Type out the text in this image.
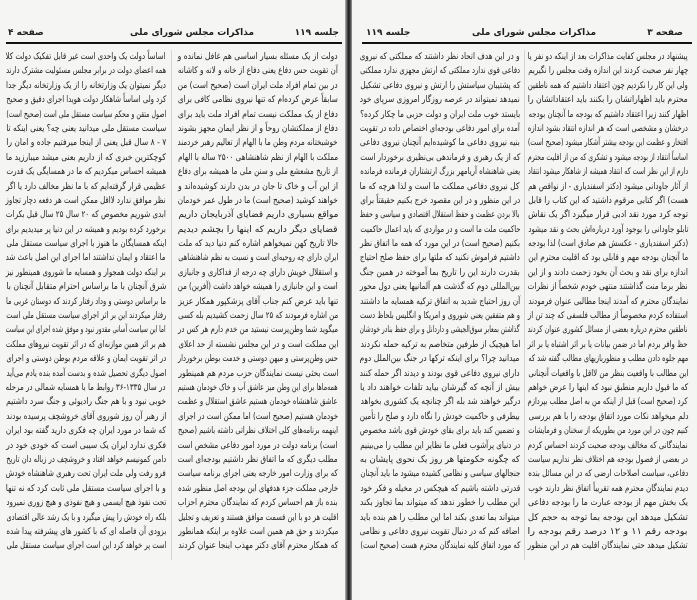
جلسه ۱۱۹
مذاکرات مجلس شورای ملی
صفحه ۴
دولت از یک مسئله بسیار اساسی هم غافل نمانده و
آن تقویت حس دفاع یعنی دفاع از خانه و لانه و کاشانه
در بین تمام افراد ملت ایران است (صحیح است) من
سابقاً عرض کرده‌ام که تنها نیروی نظامی کافی برای
دفاع از یک مملکت نیست تمام افراد ملت باید برای
دفاع از مملکتشان روحاً و از نظر ایمان مجهز بشوند
خوشبختانه مردم وطن ما با الهام از تعالیم رهبر خردمند
مملکت با الهام از نظم شاهنشاهی ۲۵۰۰ ساله با الهام
از تاریخ مشعشع ملی و سنن ملی ما همیشه برای دفاع
از این آب و خاک تا جان در بدن دارند کوشیده‌اند و
خواهند کوشید (صحیح است) ما در طول عمر خودمان
مواقع بسیاری داریم قضایای آذربایجان داریم
قضایای دیگر داریم که اینها را بچشم دیدیم
حالا تاریخ کهن نمیخواهم اشاره کنم دنیا دید که ملت
ایران دارای چه روحیه‌ای است و نسبت به نظم شاهنشاهی
و استقلال خویش دارای چه درجه از فداکاری و جانبازی
است و این جانبازی را همیشه خواهد داشت (آفرین) من
تنها باید عرض کنم جناب آقای پزشکپور همکار عزیز
من اشاره فرمودند که ۲۵ سال زحمت کشیدیم بله کسی
میگوید شما وطن‌پرست نیستید من خدم دارم هر کس در
این مملکت است و در این مجلس نشسته از حد اعلای
حس وطن‌پرستی و میهن دوستی و خدمت بوطن برخوردار
است بحثی نیست نمایندگان حزب مردم هم همینطور
همه‌ماها برای این وطن میز عاشق آب و خاک خودمان هستیم
عاشق شاهنشاه خودمان هستیم عاشق استقلال و عظمت
خودمان هستیم (صحیح است) اما ممکن است در اجرای
اینهمه برنامه‌های کلی اختلاف نظراتی داشته باشیم (صحیح
است) برنامه دولت در مورد امور دفاعی مشخص است
مطلب دیگری که ما اتفاق نظر داشتیم بودجه‌ای است
که برای وزارت امور خارجه یعنی اجرای برنامه سیاست
خارجی مملکت جزء هدفهای این بودجه اصل منظور شده
بنده باز هم احساس کردم که نمایندگان محترم احزاب
اقلیت هر دو با این قسمت موافق هستند و تعریف و تجلیل
میکردند و حق هم همین است علاوه بر اینکه همانطور
که همکار محترم آقای دکتر مهذب اینجا عنوان کردند
اساساً دولت یک واحدی است غیر قابل تفکیک دولت کلا
همه اعضای دولت در برابر مجلس مسئولیت مشترک دارند
دیگر نمیتوان یک وزارتخانه را از یک وزارتخانه دیگر جدا
کرد ولی اساساً شاهکار دولت هویدا اجرای دقیق و صحیح
اصول متقن و محکم سیاست مستقل ملی است (صحیح است)
سیاست مستقل ملی میدانید یعنی چه؟ یعنی اینکه تا
۷ - ۸ سال قبل یعنی از اینجا میرفتیم جاده و امان را
کوچکترین خبری که از داریم بعنی میشد میبارزید ما
همیشه احساس میکردیم که ما در همسایگی یک قدرت
عظیمی قرار گرفته‌ایم که با ما نظر مخالف دارد یا اگر
نظر موافق ندارد لااقل ممکن است هر دفعه دچار تجاوز
ابدی شوریم مخصوص که ۲۰ سال ۲۵ سال قبل بکرات
برخورد کرده بودیم و همیشه در این دنیا پر میدیدیم برای
اینکه همسایگان ما هنوز با اجرای سیاست مستقل ملی
ما اعتقاد و ایمان نداشتند اما اجرای این اصل باعث شد
بر اینکه دولت همجوار و همسایه ما شوروی همینطور نیز
شرق آنچنان با ما براساس احترام متقابل آنچنان با
ما براساس دوستی و وداد رفتار کردند که دوستان غربی ما
رفتار میکردند این بر اثر اجرای سیاست مستقل ملی است
اما این سیاست آسانی مقدور نبود و موفق شده اجرای این سیاست
هم بر اثر همین موازنه‌ای که در اثر تقویت نیروهای مملکت
در اثر تقویت ایمان و علاقه مردم بوطن دوستی و اجرای
اصول دیگری تحصیل شده و بدست آمده بنده یادم می‌آید
در سال ۱۳۳۵-۳۶ روابط ما با همسایه شمالی در مرحله
خوبی نبود و با هم جنگ رادیوئی و جنگ سرد داشتیم
از رهبر آن روز شوروی آقای خروشچف پرسیده بودند
که شما در مورد ایران چه فکری دارید گفته بود ایران
فکری ندارد ایران یک سیبی است که خودی خود در
دامن کمونیسم خواهد افتاد و خروشچف در زباله دان تاریخ
فرو رفت ولی ملت ایران تحت رهبری شاهنشاه خودش
و با اجرای سیاست مستقل ملی ثابت کرد که نه تنها
تحت نفوذ هیچ ایسمی و هیچ نفوذی و هیچ زوری نمیرود
بلکه راه خودش را پیش میگیرد و با یک رشد عالی اقتصادی
بزودی آن فاصله ای که با کشور های پیشرفته پیدا شده
است پر خواهد کرد این است اجرای سیاست مستقل ملی
جلسه ۱۱۹	مذاکرات مجلس شورای ملی	صفحه ۳
پیشنهاد در مجلس کفایت مذاکرات بعد از اینکه دو نفر یا
چهار نفر صحبت کردند این اندازه وقت مجلس را نگیریم
ولی این کار را نکردیم چون اعتقاد داشتیم که همه ناطقین
محترم باید اظهاراتشان را بکنند باید اعتقاداتشان را
اظهار کنند زیرا اعتقاد داشتیم که بودجه ما آنچنان بودجه
درخشان و مشخصی است که هر اندازه انتقاد بشود اندازه
افتخار و عظمت این بودجه بیشتر آشکار میشود (صحیح است)
اساساً انتقاد از بودجه میشود و تشکری که من از اقلیت محترم
دارم از این نظر است که انتقاد همیشه از شاهکار میشود انتقاد
از آثار جاودانی میشود (دکتر اسفندیاری - از نواقص هم
هست) اگر کتابی مرقوم داشتید که این کتاب را قابل
توجه کرد مورد نقد ادبی قرار میگیرد اگر یک نقاش
تابلو جاودانی را بوجود آورد درباره‌اش بحث و نقد میشود
(دکتر اسفندیاری - عکسش هم صادق است) لذا بودجه
ما آنچنان بودجه مهم و قابلی بود که اقلیت محترم این
اندازه برای نقد و بحث آن بخود زحمت دادند و از این
نظر برما منت گذاشتند منتهی خودم شخصاً از نظرات
نمایندگان محترم که آمدند اینجا مطالبی عنوان فرمودند
استفاده کردم مخصوصاً از مطالب فلسفی که چند تن از
ناطقین محترم درباره بعضی از مسائل کشوری عنوان کردند
حظ وافر بردم اما در ضمن بیانات یا بر اثر اشتباه یا بر اثر
مهم جلوه دادن مطلب و منظوربازیهای مطالب گفته شد که
این مطالب با واقعیت بنظر من لااقل با واقعیات آنچنانی
که ما قبول داریم منطبق نبود که اینها را عرض خواهم
کرد (صحیح است) قبل از اینکه من به اصل مطلب بپردازم
دلم میخواهد نکات مورد اتفاق بودجه را با هم بررسی
کنیم چون در این مورد من بطوریکه از سخنان و فرمایشات
نمایندگانی که مخالف بودجه صحبت کردند احساس کردم
در بعضی از فصول بودجه هم اختلاف نظر نداریم سیاست
دفاعی، سیاست اصلاحات ارضی که در این مسائل بنده
دیدم نمایندگان محترم همه تقریباً اتفاق نظر دارند خوب
یک بخش مهم از بودجه عبارت ما را بودجه دفاعی
تشکیل میدهد این بودجه بما توجه به حجم کل
بودجه رقم ۱۱ و ۱۲ درصد رقم بودجه را
تشکیل میدهد حتی نمایندگان اقلیت هم در این منظور
و در این هدف اتحاد نظر داشتند که مملکتی که نیروی
دفاعی قوی ندارد مملکتی که ارتش مجهزی ندارد مملکتی
که پشتیبان سیاستش را ارتش و نیروی دفاعی تشکیل
نمیدهد نمیتواند در عرصه روزگار امروزی سرپای خود
بایستد خوب ملت ایران و دولت حزبی ما چکار کرده؟
آمده برای امور دفاعی بودجه‌ای اختصاص داده در تقویت
بنیه نیروی دفاعی ما کوشیده‌ایم آنچنان نیروی دفاعی
که از یک رهبری و فرماندهی بی‌نظیری برخوردار است
یعنی شاهنشاه آریامهر بزرگ ارتشتاران فرمانده فرمانده
کل نیروی دفاعی مملکت ما است و لذا هرچه که ما
در این منظور و در این مقصود خرج بکنیم حقیقتاً برای
بالا بردن عظمت و حفظ استقلال اقتصادی و سیاسی و حفظ
حاکمیت ملت ما است و در مواردی که باید اعمال حاکمیت
بکنیم (صحیح است) در این مورد که همه ما اتفاق نظر
داشتیم فراموش نکنید که ملتها برای حفظ صلح احتیاج
بقدرت دارند این را تاریخ بما آموخته در همین جنگ
بین‌المللی دوم که گذشت هم آلمانیها یعنی دول محور
آن روز احتیاج شدید به اتفاق ترکیه همسایه ما داشتند
و هم متفقین یعنی شوروی و امریکا و انگلیس بلحاظ دست
گذاشتن بمعابر سوق‌الجیشی و داردانل و برای حفظ بنادر خودشان
اما هیچیک از طرفین متخاصم به ترکیه حمله نکردند
میدانید چرا؟ برای اینکه ترکها در جنگ بین‌الملل دوم
دارای نیروی دفاعی قوی بودند و دیدند اگر حمله کنند
بیش از آنچه که گیرشان بیاید تلفات خواهند داد یا
درگیر خواهند شد بله اگر چنانچه یک کشوری بخواهد
بیطرفی و حاکمیت خودش را نگاه دارد و صلح را تأمین
و تضمین کند باید برای بقای خودش قوی باشد مخصوص
در دنیای پرآشوب فعلی ما نظایر این مطلب را می‌بینیم
که چگونه حکومتها هر روز یک نحوی پایشان به
جنجالهای سیاسی و نظامی کشیده میشود ما باید آنچنان
قدرتی داشته باشیم که هیچکس در مخیله و فکر خود
این مطلب را خطور ندهد که میتواند بما تجاوز بکند
میتواند بما تعدی بکند اما این مطلب را هم بنده باید
اضافه کنم که در دنبال تقویت نیروی دفاعی و نظامی
که مورد اتفاق کلیه نمایندگان محترم هست (صحیح است)
